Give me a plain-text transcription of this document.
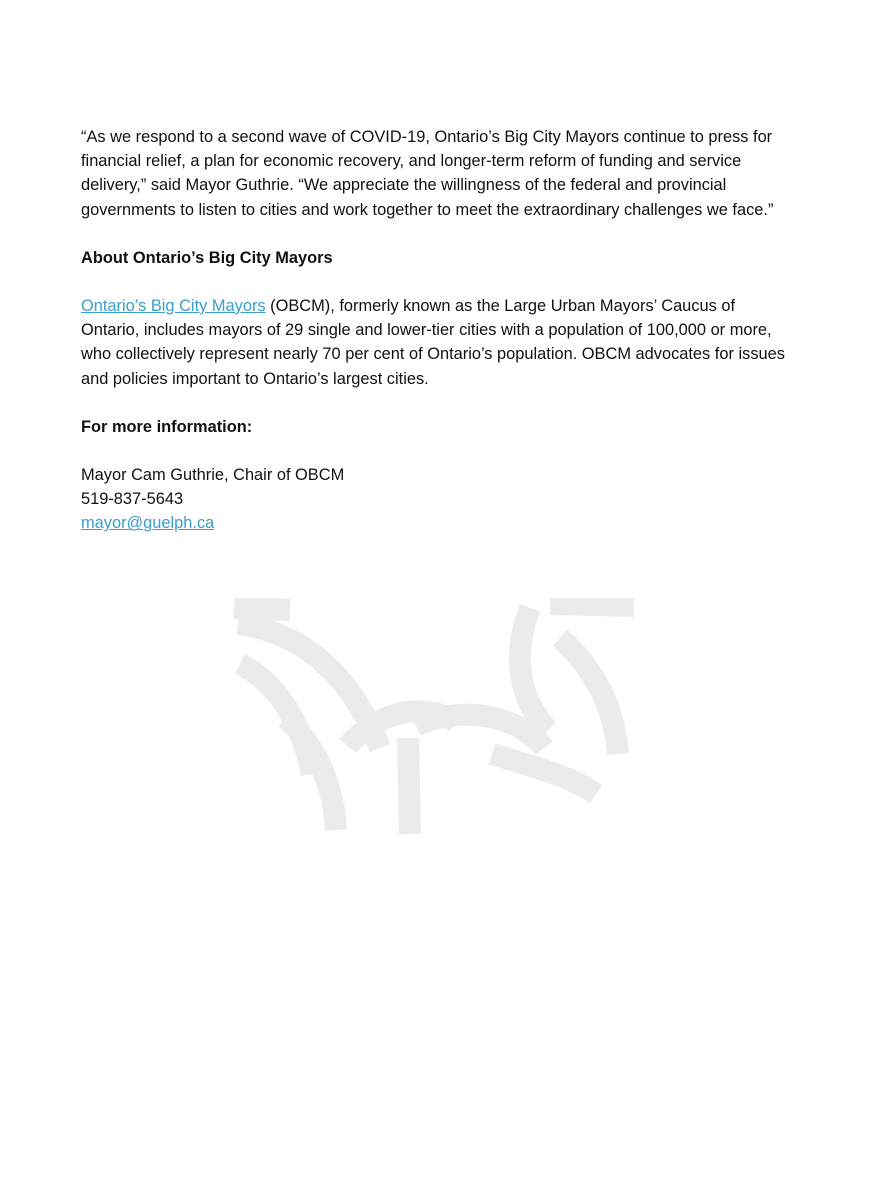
“As we respond to a second wave of COVID-19, Ontario’s Big City Mayors continue to press for financial relief, a plan for economic recovery, and longer-term reform of funding and service delivery,” said Mayor Guthrie. “We appreciate the willingness of the federal and provincial governments to listen to cities and work together to meet the extraordinary challenges we face.”

About Ontario’s Big City Mayors

Ontario’s Big City Mayors (OBCM), formerly known as the Large Urban Mayors’ Caucus of Ontario, includes mayors of 29 single and lower-tier cities with a population of 100,000 or more, who collectively represent nearly 70 per cent of Ontario’s population. OBCM advocates for issues and policies important to Ontario’s largest cities.

For more information:

Mayor Cam Guthrie, Chair of OBCM
519-837-5643
mayor@guelph.ca
